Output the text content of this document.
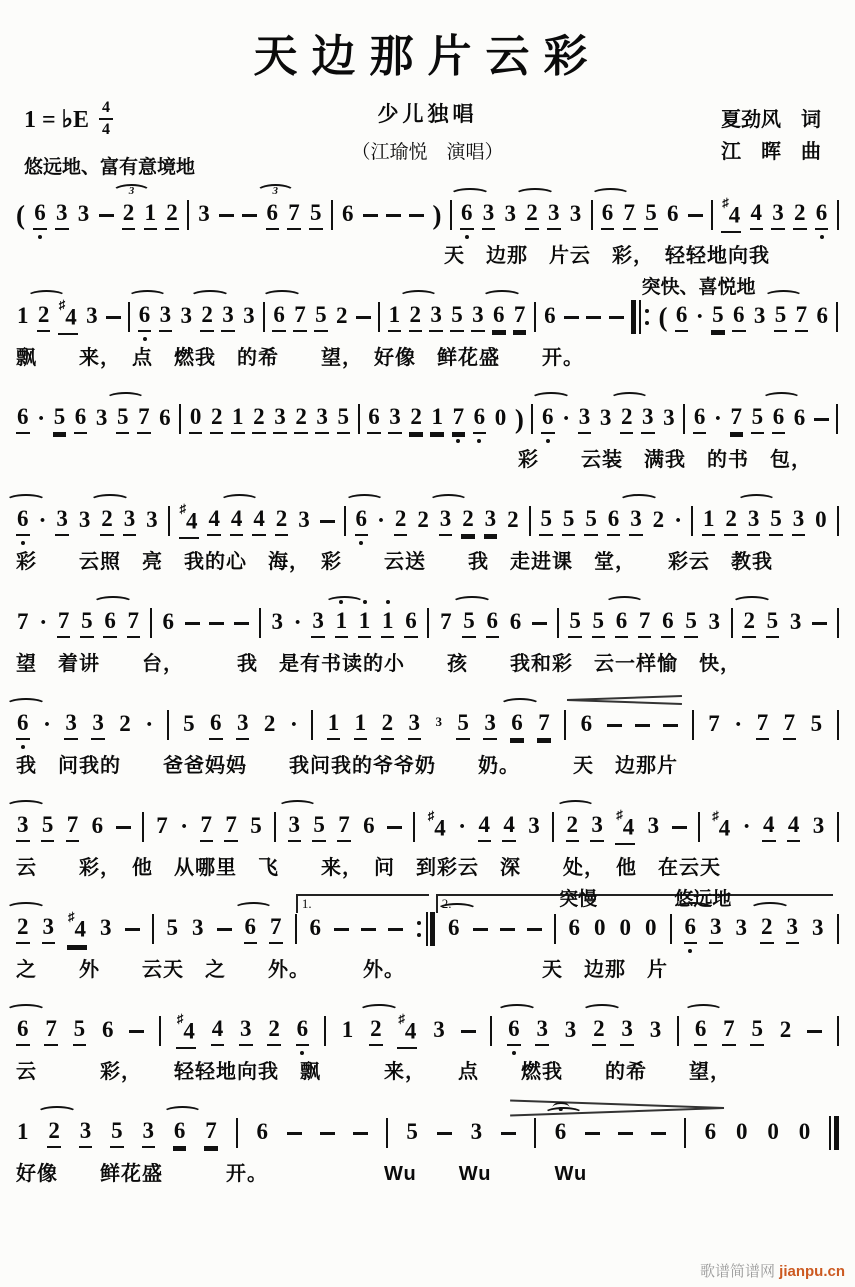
天边那片云彩
少儿独唱
（江瑜悦　演唱）
1 = ♭E $\frac{4}{4}$
悠远地、富有意境地
夏劲风　词
江　晖　曲
( 6 3 3 2
3
1 2 3 6
3
7 5 6	) 6 3 3 2 3 3 6 7 5 6	♯4 4 3 2 6
天　边那　片云　彩，　轻轻地向我
突快、喜悦地
1 2 ♯4 3 6 3 3 2 3 3 6 7 5 2 1 2 3 5 3 6 7 6	( 6 · 5 6 3 5 7 6
飘　　来，　点　燃我　的希　　望，　好像　鲜花盛　　开。
6 · 5 6 3 5 7 6 0 2 1 2 3 2 3 5 6 3 2 1 7 6 0 ) 6 · 3 3 2 3 3 6 · 7 5 6 6
彩　　云装　满我　的书　包，
6 · 3 3 2 3 3 ♯4 4 4 4 2 3 6 · 2 2 3 2 3 2 5 5 5 6 3 2 · 1 2 3 5 3 0
彩　　云照　亮　我的心　海，　彩　　云送　　我　走进课　堂，　　彩云　教我
7 · 7 5 6 7 6	3 · 3 1 1 1 6 7 5 6 6 5 5 6 7 6 5 3 2 5 3
望　着讲　　台，　　　我　是有书读的小　　孩　　我和彩　云一样愉　快，
6 · 3 3 2 · 5 6 3 2 · 1 1 2 3 3 5 3 6 7 6	7 · 7 7 5
我　问我的　　爸爸妈妈　　我问我的爷爷奶　　奶。　　　天　边那片
3 5 7 6 7 · 7 7 5 3 5 7 6	♯4 · 4 4 3 2 3 ♯4 3	♯4 · 4 4 3
云　　彩，　他　从哪里　飞　　来，　问　到彩云　深　　处，　他　在云天
1.	2.	突慢	悠远地
2 3 ♯4 3 5 3 6 7 6	6	6 0 0 0 6 3 3 2 3 3
之　　外　　云天　之　　外。　　　外。　　　　　　　天　边那　片
6 7 5 6	♯4 4 3 2 6 1 2 ♯4 3	6 3 3 2 3 3 6 7 5 2
云　　　彩，　　轻轻地向我　飘　　　来，　　点　　燃我　　的希　　望，
1 2 3 5 3 6 7 6	5 3	6	6 0 0 0
好像　　鲜花盛　　　开。　　　　　　Wu　　Wu　　　Wu
歌谱简谱网 jianpu.cn
